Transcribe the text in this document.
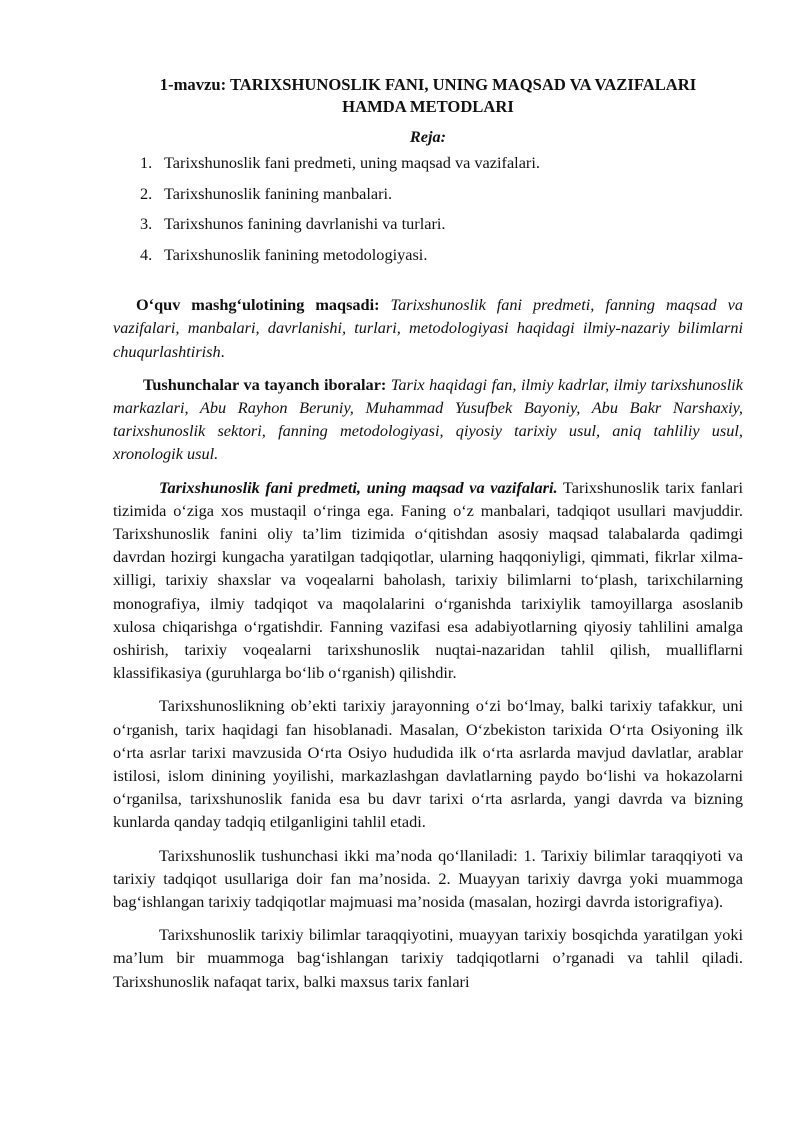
1-mavzu: TARIXSHUNOSLIK FANI, UNING MAQSAD VA VAZIFALARI
HAMDA METODLARI
Reja:
1. Tarixshunoslik fani predmeti, uning maqsad va vazifalari.
2. Tarixshunoslik fanining manbalari.
3. Tarixshunos fanining davrlanishi va turlari.
4. Tarixshunoslik fanining metodologiyasi.

O‘quv mashg‘ulotining maqsadi: Tarixshunoslik fani predmeti, fanning maqsad va vazifalari, manbalari, davrlanishi, turlari, metodologiyasi haqidagi ilmiy-nazariy bilimlarni chuqurlashtirish.

Tushunchalar va tayanch iboralar: Tarix haqidagi fan, ilmiy kadrlar, ilmiy tarixshunoslik markazlari, Abu Rayhon Beruniy, Muhammad Yusufbek Bayoniy, Abu Bakr Narshaxiy, tarixshunoslik sektori, fanning metodologiyasi, qiyosiy tarixiy usul, aniq tahliliy usul, xronologik usul.

Tarixshunoslik fani predmeti, uning maqsad va vazifalari. Tarixshunoslik tarix fanlari tizimida o‘ziga xos mustaqil o‘ringa ega. Faning o‘z manbalari, tadqiqot usullari mavjuddir. Tarixshunoslik fanini oliy ta’lim tizimida o‘qitishdan asosiy maqsad talabalarda qadimgi davrdan hozirgi kungacha yaratilgan tadqiqotlar, ularning haqqoniyligi, qimmati, fikrlar xilma-xilligi, tarixiy shaxslar va voqealarni baholash, tarixiy bilimlarni to‘plash, tarixchilarning monografiya, ilmiy tadqiqot va maqolalarini o‘rganishda tarixiylik tamoyillarga asoslanib xulosa chiqarishga o‘rgatishdir. Fanning vazifasi esa adabiyotlarning qiyosiy tahlilini amalga oshirish, tarixiy voqealarni tarixshunoslik nuqtai-nazaridan tahlil qilish, mualliflarni klassifikasiya (guruhlarga bo‘lib o‘rganish) qilishdir.

Tarixshunoslikning ob’ekti tarixiy jarayonning o‘zi bo‘lmay, balki tarixiy tafakkur, uni o‘rganish, tarix haqidagi fan hisoblanadi. Masalan, O‘zbekiston tarixida O‘rta Osiyoning ilk o‘rta asrlar tarixi mavzusida O‘rta Osiyo hududida ilk o‘rta asrlarda mavjud davlatlar, arablar istilosi, islom dinining yoyilishi, markazlashgan davlatlarning paydo bo‘lishi va hokazolarni o‘rganilsa, tarixshunoslik fanida esa bu davr tarixi o‘rta asrlarda, yangi davrda va bizning kunlarda qanday tadqiq etilganligini tahlil etadi.

Tarixshunoslik tushunchasi ikki ma’noda qo‘llaniladi: 1. Tarixiy bilimlar taraqqiyoti va tarixiy tadqiqot usullariga doir fan ma’nosida. 2. Muayyan tarixiy davrga yoki muammoga bag‘ishlangan tarixiy tadqiqotlar majmuasi ma’nosida (masalan, hozirgi davrda istorigrafiya).

Tarixshunoslik tarixiy bilimlar taraqqiyotini, muayyan tarixiy bosqichda yaratilgan yoki ma’lum bir muammoga bag‘ishlangan tarixiy tadqiqotlarni o’rganadi va tahlil qiladi. Tarixshunoslik nafaqat tarix, balki maxsus tarix fanlari
